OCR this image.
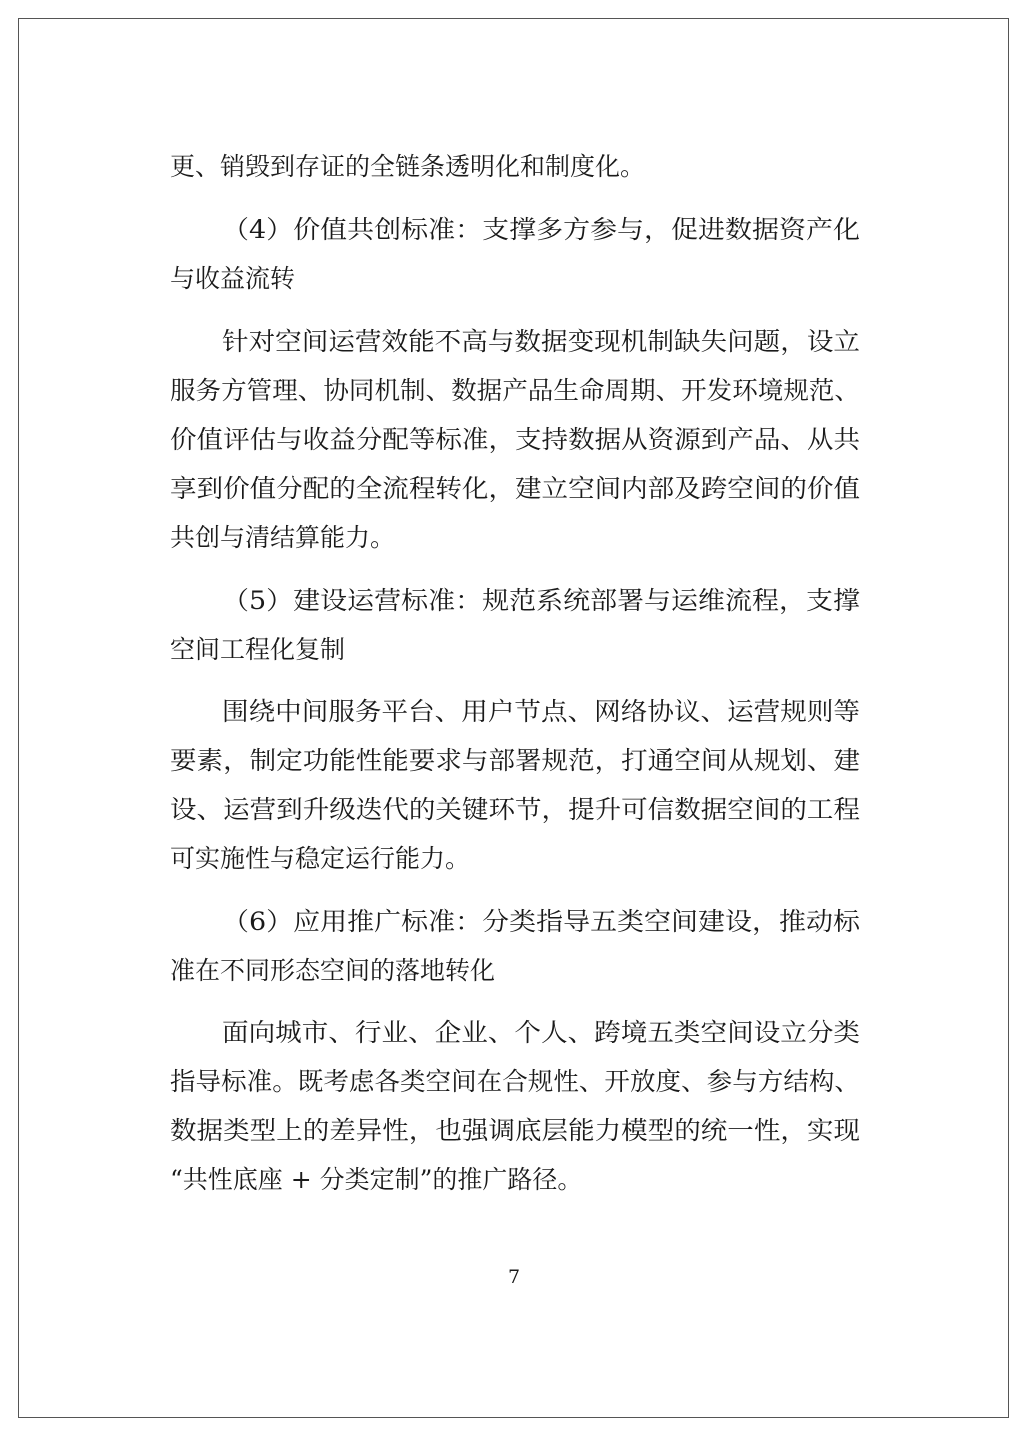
更、销毁到存证的全链条透明化和制度化。
（4）价值共创标准：支撑多方参与，促进数据资产化
与收益流转
针对空间运营效能不高与数据变现机制缺失问题，设立
服务方管理、协同机制、数据产品生命周期、开发环境规范、
价值评估与收益分配等标准，支持数据从资源到产品、从共
享到价值分配的全流程转化，建立空间内部及跨空间的价值
共创与清结算能力。
（5）建设运营标准：规范系统部署与运维流程，支撑
空间工程化复制
围绕中间服务平台、用户节点、网络协议、运营规则等
要素，制定功能性能要求与部署规范，打通空间从规划、建
设、运营到升级迭代的关键环节，提升可信数据空间的工程
可实施性与稳定运行能力。
（6）应用推广标准：分类指导五类空间建设，推动标
准在不同形态空间的落地转化
面向城市、行业、企业、个人、跨境五类空间设立分类
指导标准。既考虑各类空间在合规性、开放度、参与方结构、
数据类型上的差异性，也强调底层能力模型的统一性，实现
“共性底座 + 分类定制”的推广路径。
7
